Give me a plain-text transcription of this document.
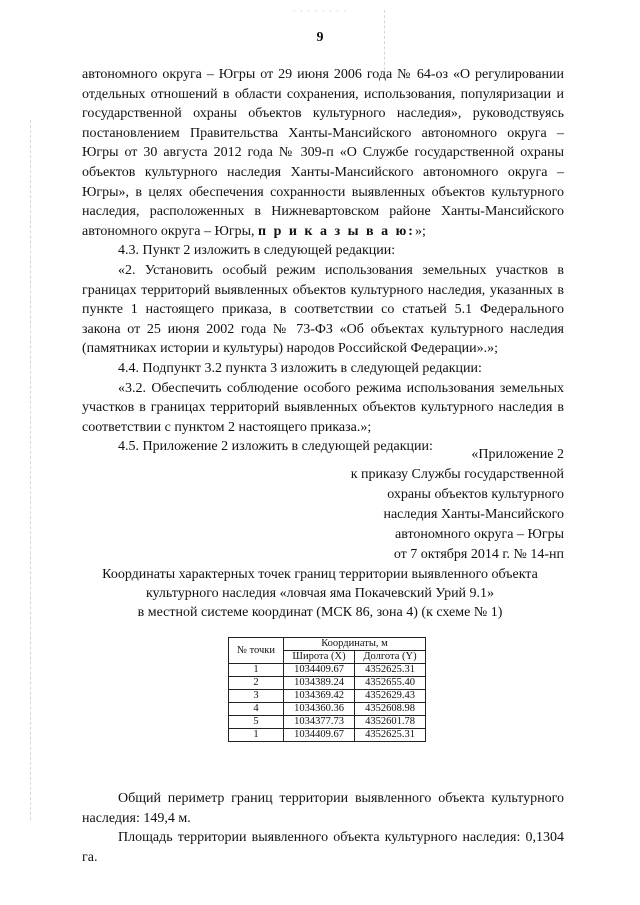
· · · · · · · ·
9

автономного округа – Югры от 29 июня 2006 года № 64-оз «О регулировании отдельных отношений в области сохранения, использования, популяризации и государственной охраны объектов культурного наследия», руководствуясь постановлением Правительства Ханты-Мансийского автономного округа – Югры от 30 августа 2012 года № 309-п «О Службе государственной охраны объектов культурного наследия Ханты-Мансийского автономного округа – Югры», в целях обеспечения сохранности выявленных объектов культурного наследия, расположенных в Нижневартовском районе Ханты-Мансийского автономного округа – Югры, п р и к а з ы в а ю:»;

4.3. Пункт 2 изложить в следующей редакции:

«2. Установить особый режим использования земельных участков в границах территорий выявленных объектов культурного наследия, указанных в пункте 1 настоящего приказа, в соответствии со статьей 5.1 Федерального закона от 25 июня 2002 года № 73-ФЗ «Об объектах культурного наследия (памятниках истории и культуры) народов Российской Федерации».»;

4.4. Подпункт 3.2 пункта 3 изложить в следующей редакции:

«3.2. Обеспечить соблюдение особого режима использования земельных участков в границах территорий выявленных объектов культурного наследия в соответствии с пунктом 2 настоящего приказа.»;

4.5. Приложение 2 изложить в следующей редакции:

«Приложение 2
к приказу Службы государственной
охраны объектов культурного
наследия Ханты-Мансийского
автономного округа – Югры
от 7 октября 2014 г. № 14-нп
Координаты характерных точек границ территории выявленного объекта
культурного наследия «ловчая яма Покачевский Урий 9.1»
в местной системе координат (МСК 86, зона 4) (к схеме № 1)
№ точки	Координаты, м	
	Широта (X)	Долгота (Y)
1	1034409.67	4352625.31
2	1034389.24	4352655.40
3	1034369.42	4352629.43
4	1034360.36	4352608.98
5	1034377.73	4352601.78
1	1034409.67	4352625.31

Общий периметр границ территории выявленного объекта культурного наследия: 149,4 м.

Площадь территории выявленного объекта культурного наследия: 0,1304 га.
